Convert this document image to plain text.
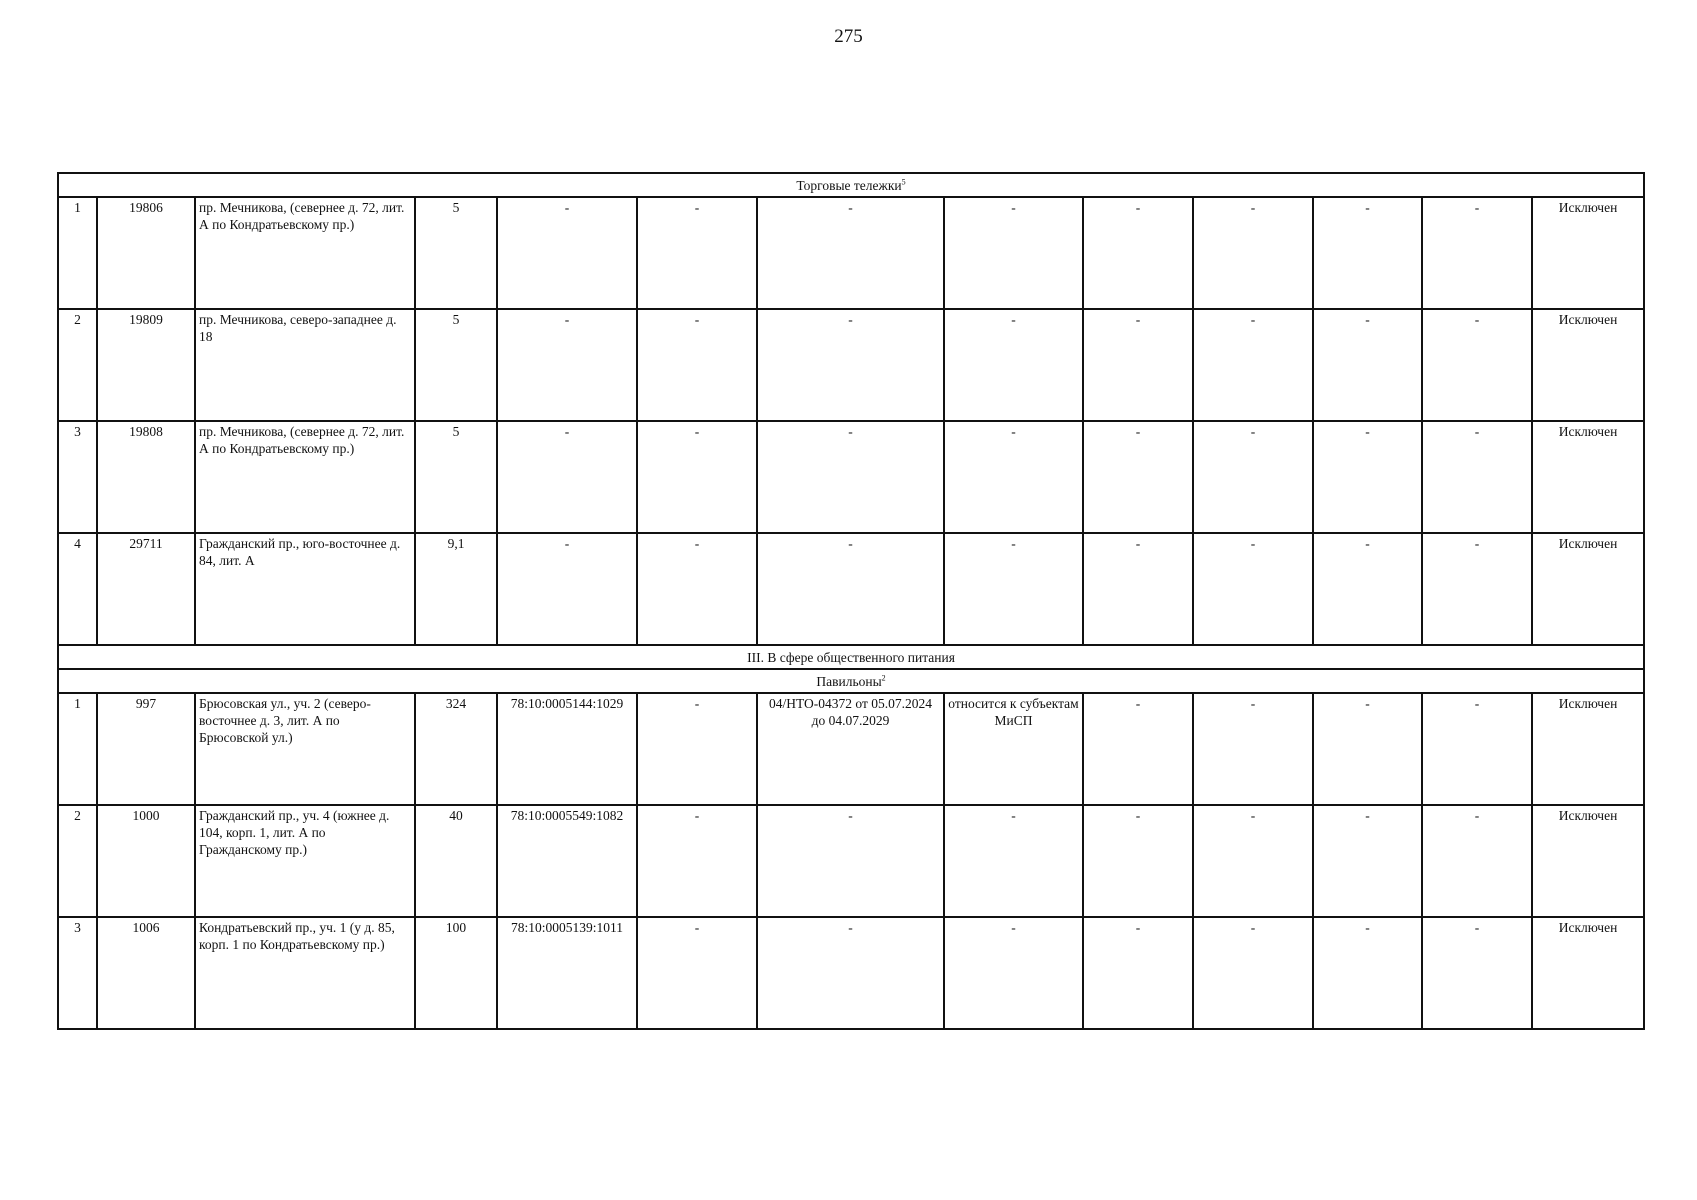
275
Торговые тележки$^5$
1	19806	пр. Мечникова, (севернее д. 72, лит. А по Кондратьевскому пр.)	5	-	-	-	-	-	-	-	-	Исключен
2	19809	пр. Мечникова, северо-западнее д. 18	5	-	-	-	-	-	-	-	-	Исключен
3	19808	пр. Мечникова, (севернее д. 72, лит. А по Кондратьевскому пр.)	5	-	-	-	-	-	-	-	-	Исключен
4	29711	Гражданский пр., юго-восточнее д. 84, лит. А	9,1	-	-	-	-	-	-	-	-	Исключен
III. В сфере общественного питания												
Павильоны$^2$
1	997	Брюсовская ул., уч. 2 (северо-восточнее д. 3, лит. А по Брюсовской ул.)	324	78:10:0005144:1029	-	04/НТО-04372 от 05.07.2024 до 04.07.2029	относится к субъектам МиСП	-	-	-	-	Исключен
2	1000	Гражданский пр., уч. 4 (южнее д. 104, корп. 1, лит. А по Гражданскому пр.)	40	78:10:0005549:1082	-	-	-	-	-	-	-	Исключен
3	1006	Кондратьевский пр., уч. 1 (у д. 85, корп. 1 по Кондратьевскому пр.)	100	78:10:0005139:1011	-	-	-	-	-	-	-	Исключен
